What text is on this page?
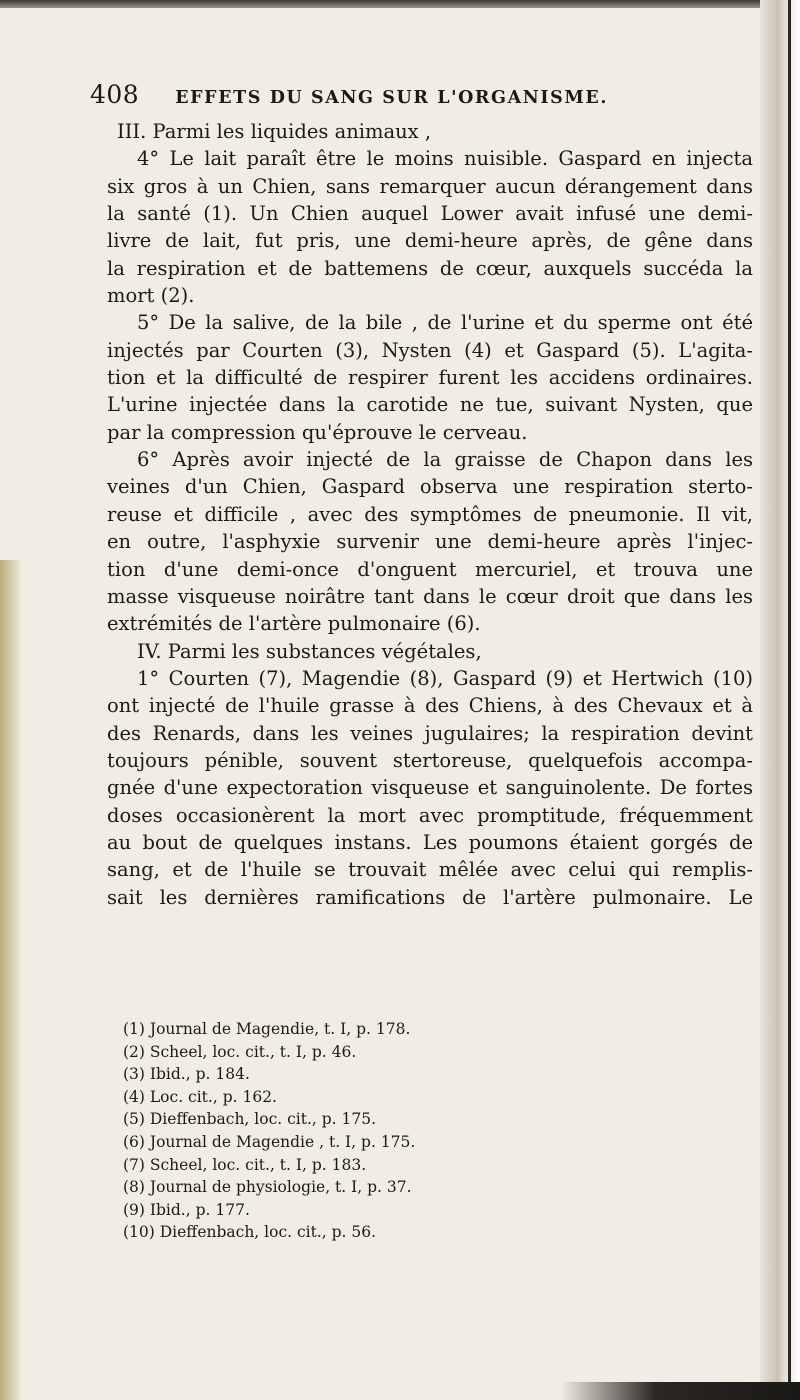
408 EFFETS DU SANG SUR L'ORGANISME.
III. Parmi les liquides animaux ,
4° Le lait paraît être le moins nuisible. Gaspard en injecta
six gros à un Chien, sans remarquer aucun dérangement dans
la santé (1). Un Chien auquel Lower avait infusé une demi-
livre de lait, fut pris, une demi-heure après, de gêne dans
la respiration et de battemens de cœur, auxquels succéda la
mort (2).
5° De la salive, de la bile , de l'urine et du sperme ont été
injectés par Courten (3), Nysten (4) et Gaspard (5). L'agita-
tion et la difficulté de respirer furent les accidens ordinaires.
L'urine injectée dans la carotide ne tue, suivant Nysten, que
par la compression qu'éprouve le cerveau.
6° Après avoir injecté de la graisse de Chapon dans les
veines d'un Chien, Gaspard observa une respiration sterto-
reuse et difficile , avec des symptômes de pneumonie. Il vit,
en outre, l'asphyxie survenir une demi-heure après l'injec-
tion d'une demi-once d'onguent mercuriel, et trouva une
masse visqueuse noirâtre tant dans le cœur droit que dans les
extrémités de l'artère pulmonaire (6).
IV. Parmi les substances végétales,
1° Courten (7), Magendie (8), Gaspard (9) et Hertwich (10)
ont injecté de l'huile grasse à des Chiens, à des Chevaux et à
des Renards, dans les veines jugulaires; la respiration devint
toujours pénible, souvent stertoreuse, quelquefois accompa-
gnée d'une expectoration visqueuse et sanguinolente. De fortes
doses occasionèrent la mort avec promptitude, fréquemment
au bout de quelques instans. Les poumons étaient gorgés de
sang, et de l'huile se trouvait mêlée avec celui qui remplis-
sait les dernières ramifications de l'artère pulmonaire. Le
(1) Journal de Magendie, t. I, p. 178.
(2) Scheel, loc. cit., t. I, p. 46.
(3) Ibid., p. 184.
(4) Loc. cit., p. 162.
(5) Dieffenbach, loc. cit., p. 175.
(6) Journal de Magendie , t. I, p. 175.
(7) Scheel, loc. cit., t. I, p. 183.
(8) Journal de physiologie, t. I, p. 37.
(9) Ibid., p. 177.
(10) Dieffenbach, loc. cit., p. 56.
